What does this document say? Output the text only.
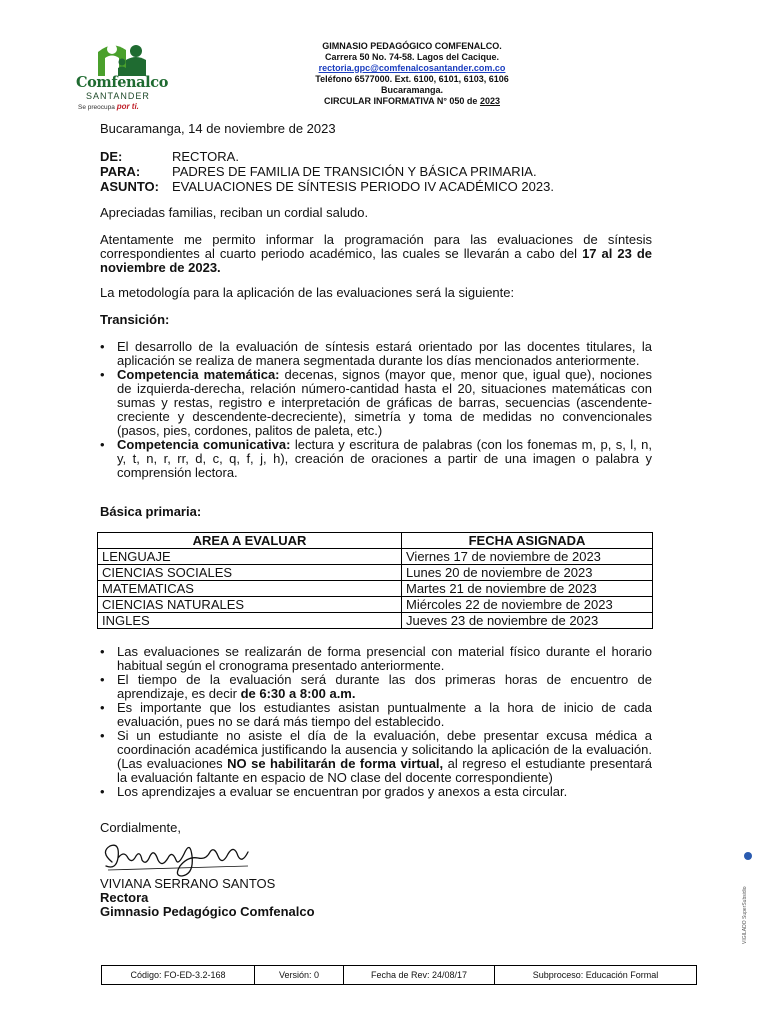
Comfenalco
SANTANDER
Se preocupa por ti.
GIMNASIO PEDAGÓGICO COMFENALCO.
Carrera 50 No. 74-58. Lagos del Cacique.
rectoria.gpc@comfenalcosantander.com.co
Teléfono 6577000. Ext. 6100, 6101, 6103, 6106
Bucaramanga.
CIRCULAR INFORMATIVA N° 050 de 2023
Bucaramanga, 14 de noviembre de 2023
DE:	RECTORA.
PARA: PADRES DE FAMILIA DE TRANSICIÓN Y BÁSICA PRIMARIA.
ASUNTO: EVALUACIONES DE SÍNTESIS PERIODO IV ACADÉMICO 2023.
Apreciadas familias, reciban un cordial saludo.
Atentamente me permito informar la programación para las evaluaciones de síntesis correspondientes al cuarto periodo académico, las cuales se llevarán a cabo del 17 al 23 de noviembre de 2023.
La metodología para la aplicación de las evaluaciones será la siguiente:
Transición:
• El desarrollo de la evaluación de síntesis estará orientado por las docentes titulares, la aplicación se realiza de manera segmentada durante los días mencionados anteriormente.
• Competencia matemática: decenas, signos (mayor que, menor que, igual que), nociones de izquierda-derecha, relación número-cantidad hasta el 20, situaciones matemáticas con sumas y restas, registro e interpretación de gráficas de barras, secuencias (ascendente-creciente y descendente-decreciente), simetría y toma de medidas no convencionales (pasos, pies, cordones, palitos de paleta, etc.)
• Competencia comunicativa: lectura y escritura de palabras (con los fonemas m, p, s, l, n, y, t, n, r, rr, d, c, q, f, j, h), creación de oraciones a partir de una imagen o palabra y comprensión lectora.
Básica primaria:
AREA A EVALUAR	FECHA ASIGNADA
LENGUAJE	Viernes 17 de noviembre de 2023
CIENCIAS SOCIALES	Lunes 20 de noviembre de 2023
MATEMATICAS	Martes 21 de noviembre de 2023
CIENCIAS NATURALES	Miércoles 22 de noviembre de 2023
INGLES	Jueves 23 de noviembre de 2023
• Las evaluaciones se realizarán de forma presencial con material físico durante el horario habitual según el cronograma presentado anteriormente.
• El tiempo de la evaluación será durante las dos primeras horas de encuentro de aprendizaje, es decir de 6:30 a 8:00 a.m.
• Es importante que los estudiantes asistan puntualmente a la hora de inicio de cada evaluación, pues no se dará más tiempo del establecido.
• Si un estudiante no asiste el día de la evaluación, debe presentar excusa médica a coordinación académica justificando la ausencia y solicitando la aplicación de la evaluación. (Las evaluaciones NO se habilitarán de forma virtual, al regreso el estudiante presentará la evaluación faltante en espacio de NO clase del docente correspondiente)
• Los aprendizajes a evaluar se encuentran por grados y anexos a esta circular.
Cordialmente,
VIVIANA SERRANO SANTOS
Rectora
Gimnasio Pedagógico Comfenalco
Código: FO-ED-3.2-168	Versión: 0	Fecha de Rev: 24/08/17	Subproceso: Educación Formal
VIGILADO SuperSubsidio
